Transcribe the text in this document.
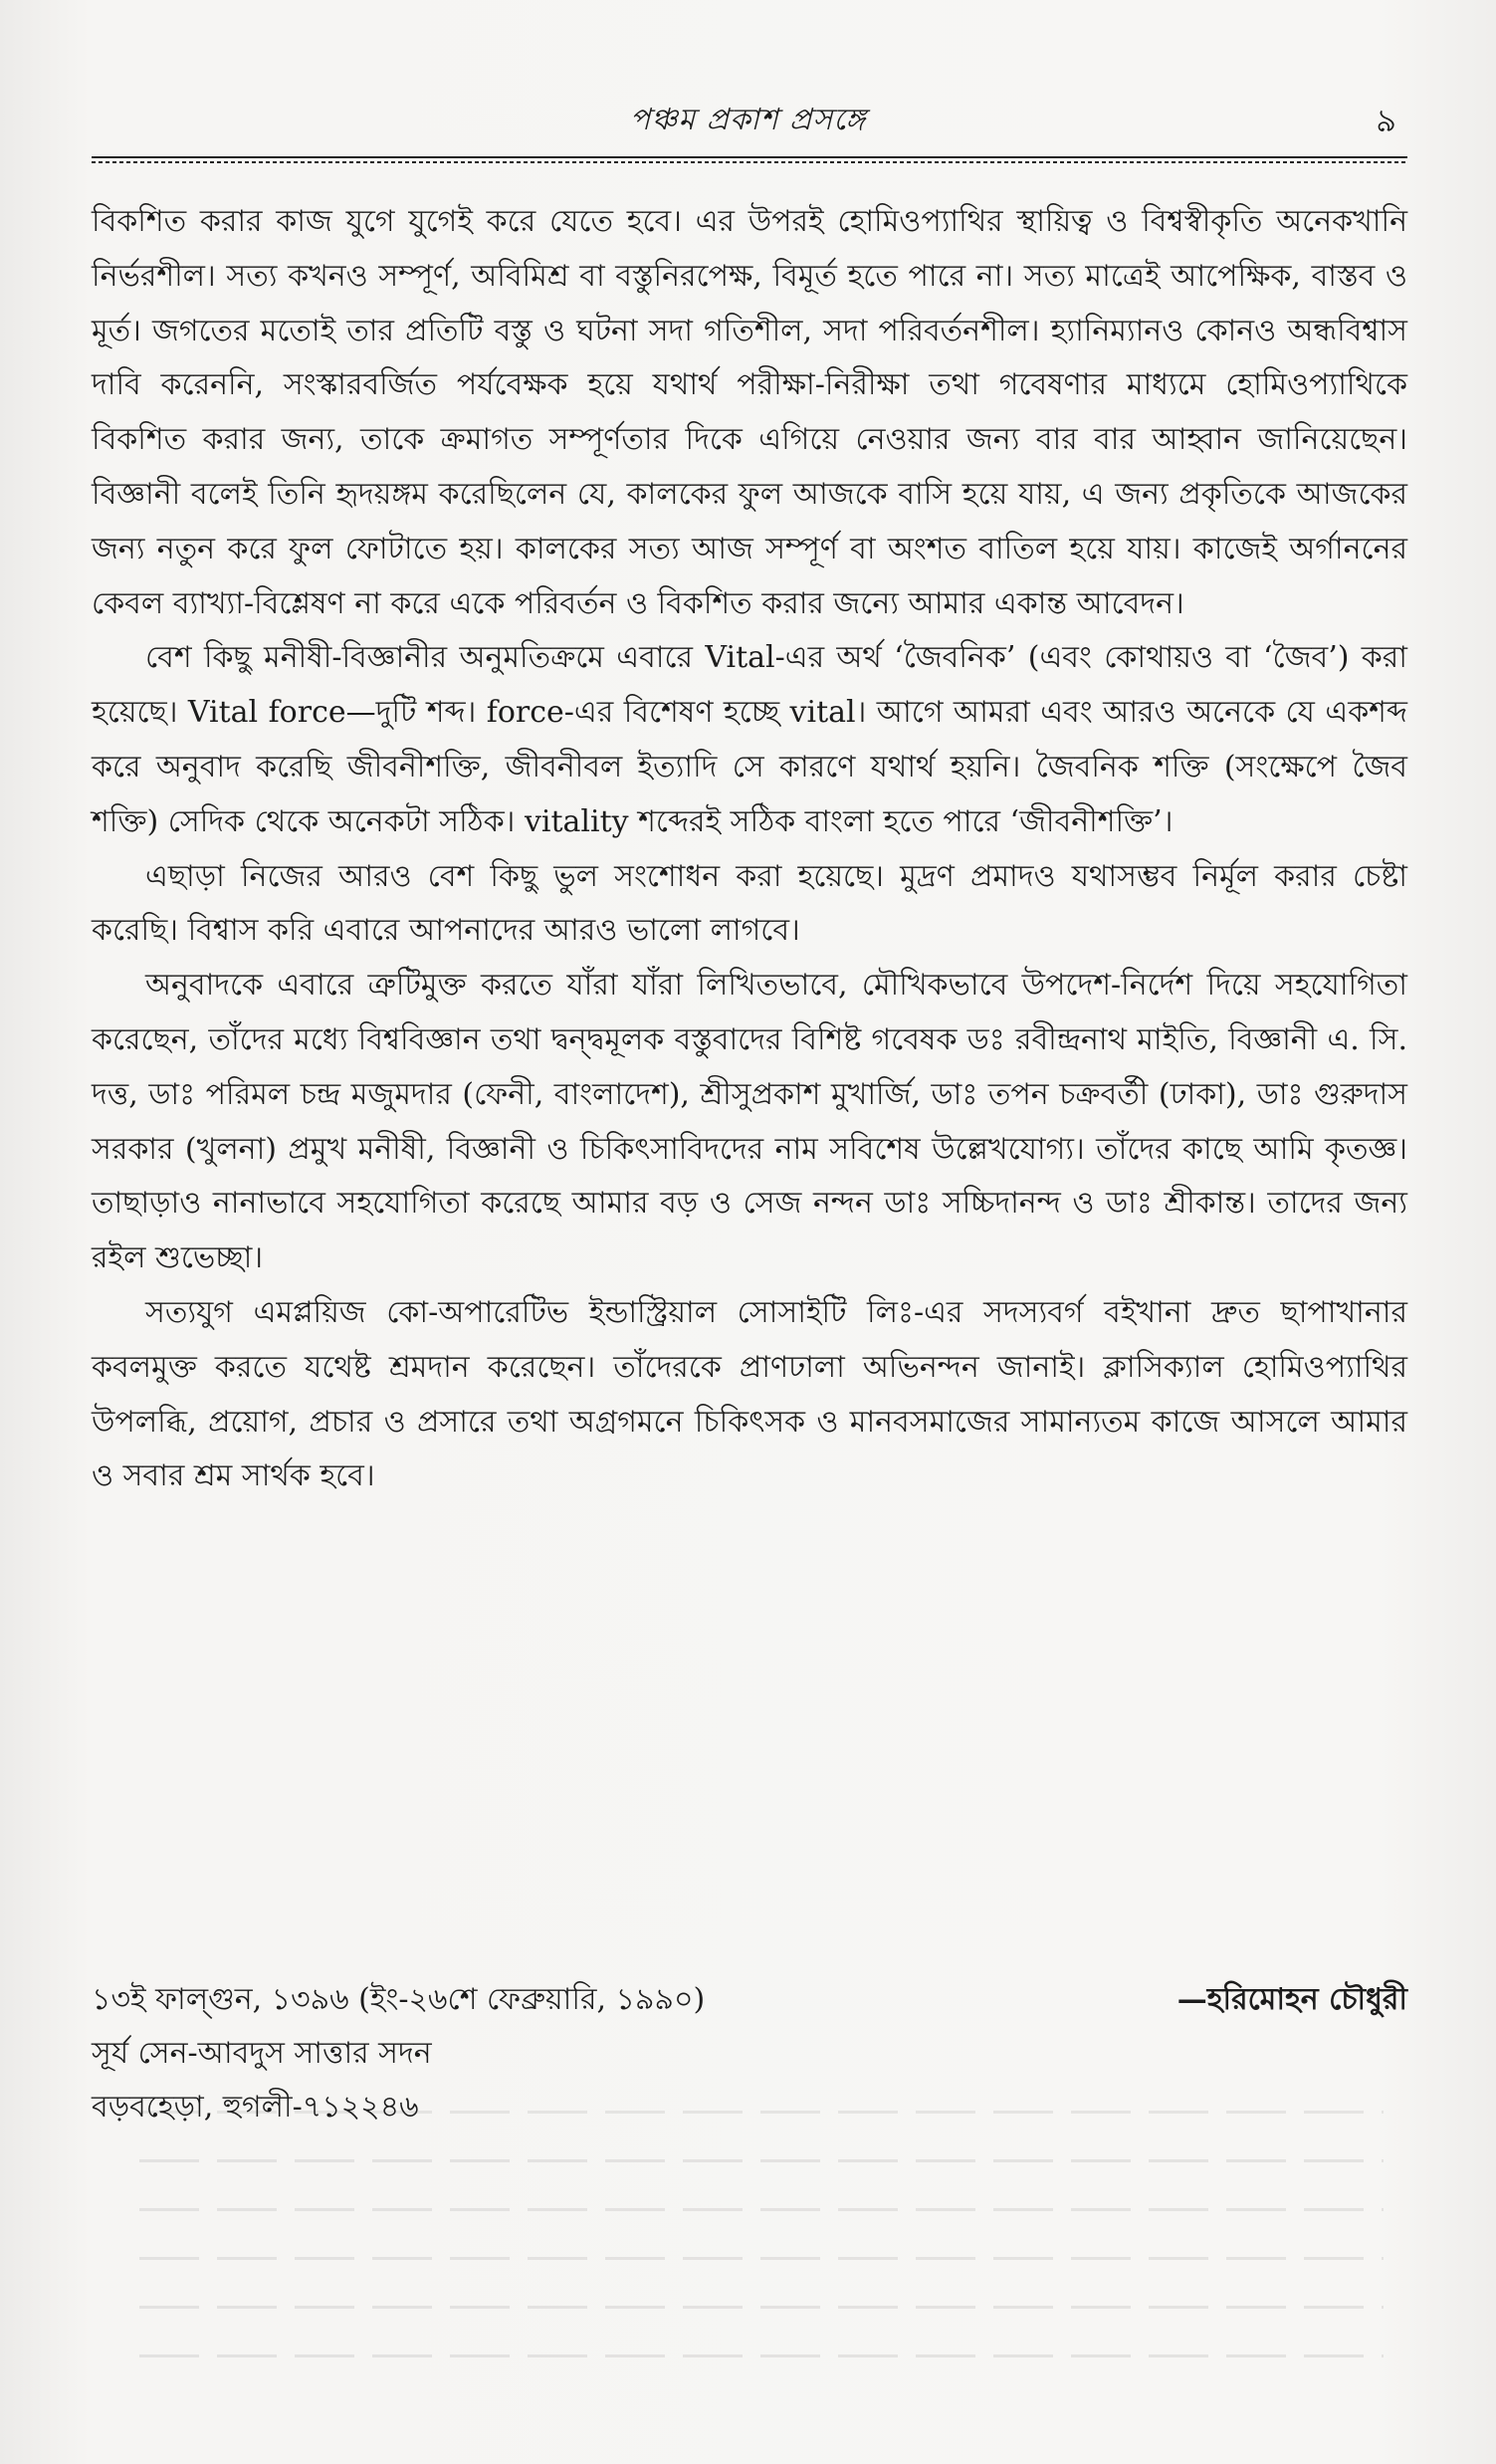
পঞ্চম প্রকাশ প্রসঙ্গে	৯

বিকশিত করার কাজ যুগে যুগেই করে যেতে হবে। এর উপরই হোমিওপ্যাথির স্থায়িত্ব ও বিশ্বস্বীকৃতি অনেকখানি নির্ভরশীল। সত্য কখনও সম্পূর্ণ, অবিমিশ্র বা বস্তুনিরপেক্ষ, বিমূর্ত হতে পারে না। সত্য মাত্রেই আপেক্ষিক, বাস্তব ও মূর্ত। জগতের মতোই তার প্রতিটি বস্তু ও ঘটনা সদা গতিশীল, সদা পরিবর্তনশীল। হ্যানিম্যানও কোনও অন্ধবিশ্বাস দাবি করেননি, সংস্কারবর্জিত পর্যবেক্ষক হয়ে যথার্থ পরীক্ষা-নিরীক্ষা তথা গবেষণার মাধ্যমে হোমিওপ্যাথিকে বিকশিত করার জন্য, তাকে ক্রমাগত সম্পূর্ণতার দিকে এগিয়ে নেওয়ার জন্য বার বার আহ্বান জানিয়েছেন। বিজ্ঞানী বলেই তিনি হৃদয়ঙ্গম করেছিলেন যে, কালকের ফুল আজকে বাসি হয়ে যায়, এ জন্য প্রকৃতিকে আজকের জন্য নতুন করে ফুল ফোটাতে হয়। কালকের সত্য আজ সম্পূর্ণ বা অংশত বাতিল হয়ে যায়। কাজেই অর্গাননের কেবল ব্যাখ্যা-বিশ্লেষণ না করে একে পরিবর্তন ও বিকশিত করার জন্যে আমার একান্ত আবেদন।

বেশ কিছু মনীষী-বিজ্ঞানীর অনুমতিক্রমে এবারে Vital-এর অর্থ ‘জৈবনিক’ (এবং কোথায়ও বা ‘জৈব’) করা হয়েছে। Vital force—দুটি শব্দ। force-এর বিশেষণ হচ্ছে vital। আগে আমরা এবং আরও অনেকে যে একশব্দ করে অনুবাদ করেছি জীবনীশক্তি, জীবনীবল ইত্যাদি সে কারণে যথার্থ হয়নি। জৈবনিক শক্তি (সংক্ষেপে জৈব শক্তি) সেদিক থেকে অনেকটা সঠিক। vitality শব্দেরই সঠিক বাংলা হতে পারে ‘জীবনীশক্তি’।

এছাড়া নিজের আরও বেশ কিছু ভুল সংশোধন করা হয়েছে। মুদ্রণ প্রমাদও যথাসম্ভব নির্মূল করার চেষ্টা করেছি। বিশ্বাস করি এবারে আপনাদের আরও ভালো লাগবে।

অনুবাদকে এবারে ত্রুটিমুক্ত করতে যাঁরা যাঁরা লিখিতভাবে, মৌখিকভাবে উপদেশ-নির্দেশ দিয়ে সহযোগিতা করেছেন, তাঁদের মধ্যে বিশ্ববিজ্ঞান তথা দ্বন্দ্বমূলক বস্তুবাদের বিশিষ্ট গবেষক ডঃ রবীন্দ্রনাথ মাইতি, বিজ্ঞানী এ. সি. দত্ত, ডাঃ পরিমল চন্দ্র মজুমদার (ফেনী, বাংলাদেশ), শ্রীসুপ্রকাশ মুখার্জি, ডাঃ তপন চক্রবর্তী (ঢাকা), ডাঃ গুরুদাস সরকার (খুলনা) প্রমুখ মনীষী, বিজ্ঞানী ও চিকিৎসাবিদদের নাম সবিশেষ উল্লেখযোগ্য। তাঁদের কাছে আমি কৃতজ্ঞ। তাছাড়াও নানাভাবে সহযোগিতা করেছে আমার বড় ও সেজ নন্দন ডাঃ সচ্চিদানন্দ ও ডাঃ শ্রীকান্ত। তাদের জন্য রইল শুভেচ্ছা।

সত্যযুগ এমপ্লয়িজ কো-অপারেটিভ ইন্ডাস্ট্রিয়াল সোসাইটি লিঃ-এর সদস্যবর্গ বইখানা দ্রুত ছাপাখানার কবলমুক্ত করতে যথেষ্ট শ্রমদান করেছেন। তাঁদেরকে প্রাণঢালা অভিনন্দন জানাই। ক্লাসিক্যাল হোমিওপ্যাথির উপলব্ধি, প্রয়োগ, প্রচার ও প্রসারে তথা অগ্রগমনে চিকিৎসক ও মানবসমাজের সামান্যতম কাজে আসলে আমার ও সবার শ্রম সার্থক হবে।

১৩ই ফাল্গুন, ১৩৯৬ (ইং-২৬শে ফেব্রুয়ারি, ১৯৯০)	—হরিমোহন চৌধুরী
সূর্য সেন-আবদুস সাত্তার সদন
বড়বহেড়া, হুগলী-৭১২২৪৬
